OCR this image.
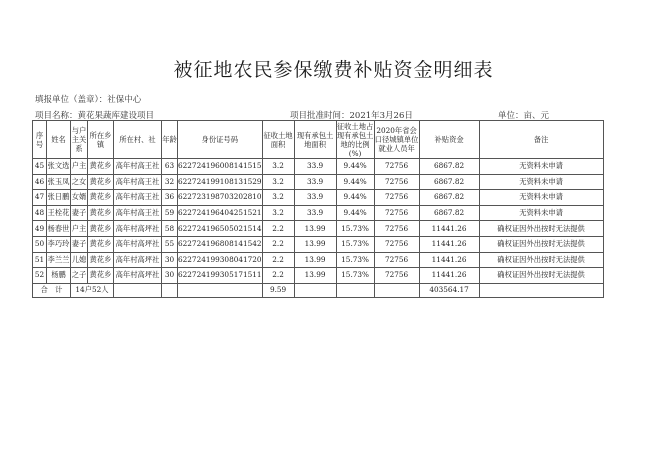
被征地农民参保缴费补贴资金明细表
填报单位（盖章）：社保中心
项目名称：黄花果蔬库建设项目	项目批准时间：2021年3月26日	单位：亩、元
序号	姓名	与户主关系	所在乡镇	所在村、社	年龄	身份证号码	征收土地面积	现有承包土地面积	征收土地占现有承包土地的比例(%)	2020年省会口径城镇单位就业人员年	补贴资金	备注
45	张文选	户主	黄花乡	高年村高王社	63	622724196008141515	3.2	33.9	9.44%	72756	6867.82	无资料未申请
46	张玉凤	之女	黄花乡	高年村高王社	32	622724199108131529	3.2	33.9	9.44%	72756	6867.82	无资料未申请
47	张日鹏	女婿	黄花乡	高年村高王社	36	622723198703202810	3.2	33.9	9.44%	72756	6867.82	无资料未申请
48	王栓花	妻子	黄花乡	高年村高王社	59	622724196404251521	3.2	33.9	9.44%	72756	6867.82	无资料未申请
49	杨春世	户主	黄花乡	高年村高坪社	58	622724196505021514	2.2	13.99	15.73%	72756	11441.26	确权证因外出按时无法提供
50	李巧玲	妻子	黄花乡	高年村高坪社	55	622724196808141542	2.2	13.99	15.73%	72756	11441.26	确权证因外出按时无法提供
51	李兰兰	儿媳	黄花乡	高年村高坪社	30	622724199308041720	2.2	13.99	15.73%	72756	11441.26	确权证因外出按时无法提供
52	杨鹏	之子	黄花乡	高年村高坪社	30	622724199305171511	2.2	13.99	15.73%	72756	11441.26	确权证因外出按时无法提供
合　计		14户52人					9.59				403564.17	
